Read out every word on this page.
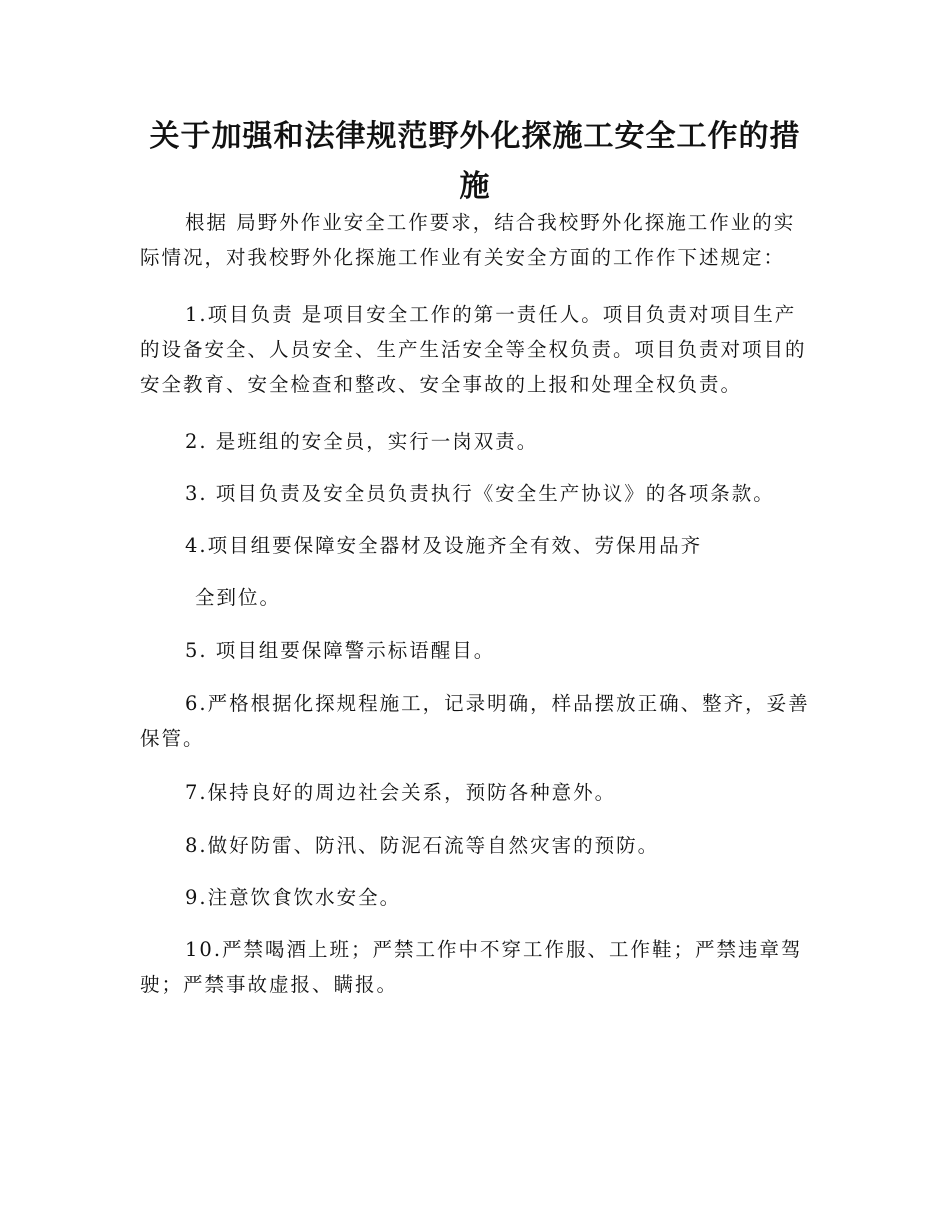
关于加强和法律规范野外化探施工安全工作的措
施

根据 局野外作业安全工作要求，结合我校野外化探施工作业的实际情况，对我校野外化探施工作业有关安全方面的工作作下述规定：

1.项目负责 是项目安全工作的第一责任人。项目负责对项目生产的设备安全、人员安全、生产生活安全等全权负责。项目负责对项目的安全教育、安全检查和整改、安全事故的上报和处理全权负责。

2. 是班组的安全员，实行一岗双责。

3. 项目负责及安全员负责执行《安全生产协议》的各项条款。

4.项目组要保障安全器材及设施齐全有效、劳保用品齐

全到位。

5. 项目组要保障警示标语醒目。

6.严格根据化探规程施工，记录明确，样品摆放正确、整齐，妥善保管。

7.保持良好的周边社会关系，预防各种意外。

8.做好防雷、防汛、防泥石流等自然灾害的预防。

9.注意饮食饮水安全。

10.严禁喝酒上班；严禁工作中不穿工作服、工作鞋；严禁违章驾驶；严禁事故虚报、瞒报。
